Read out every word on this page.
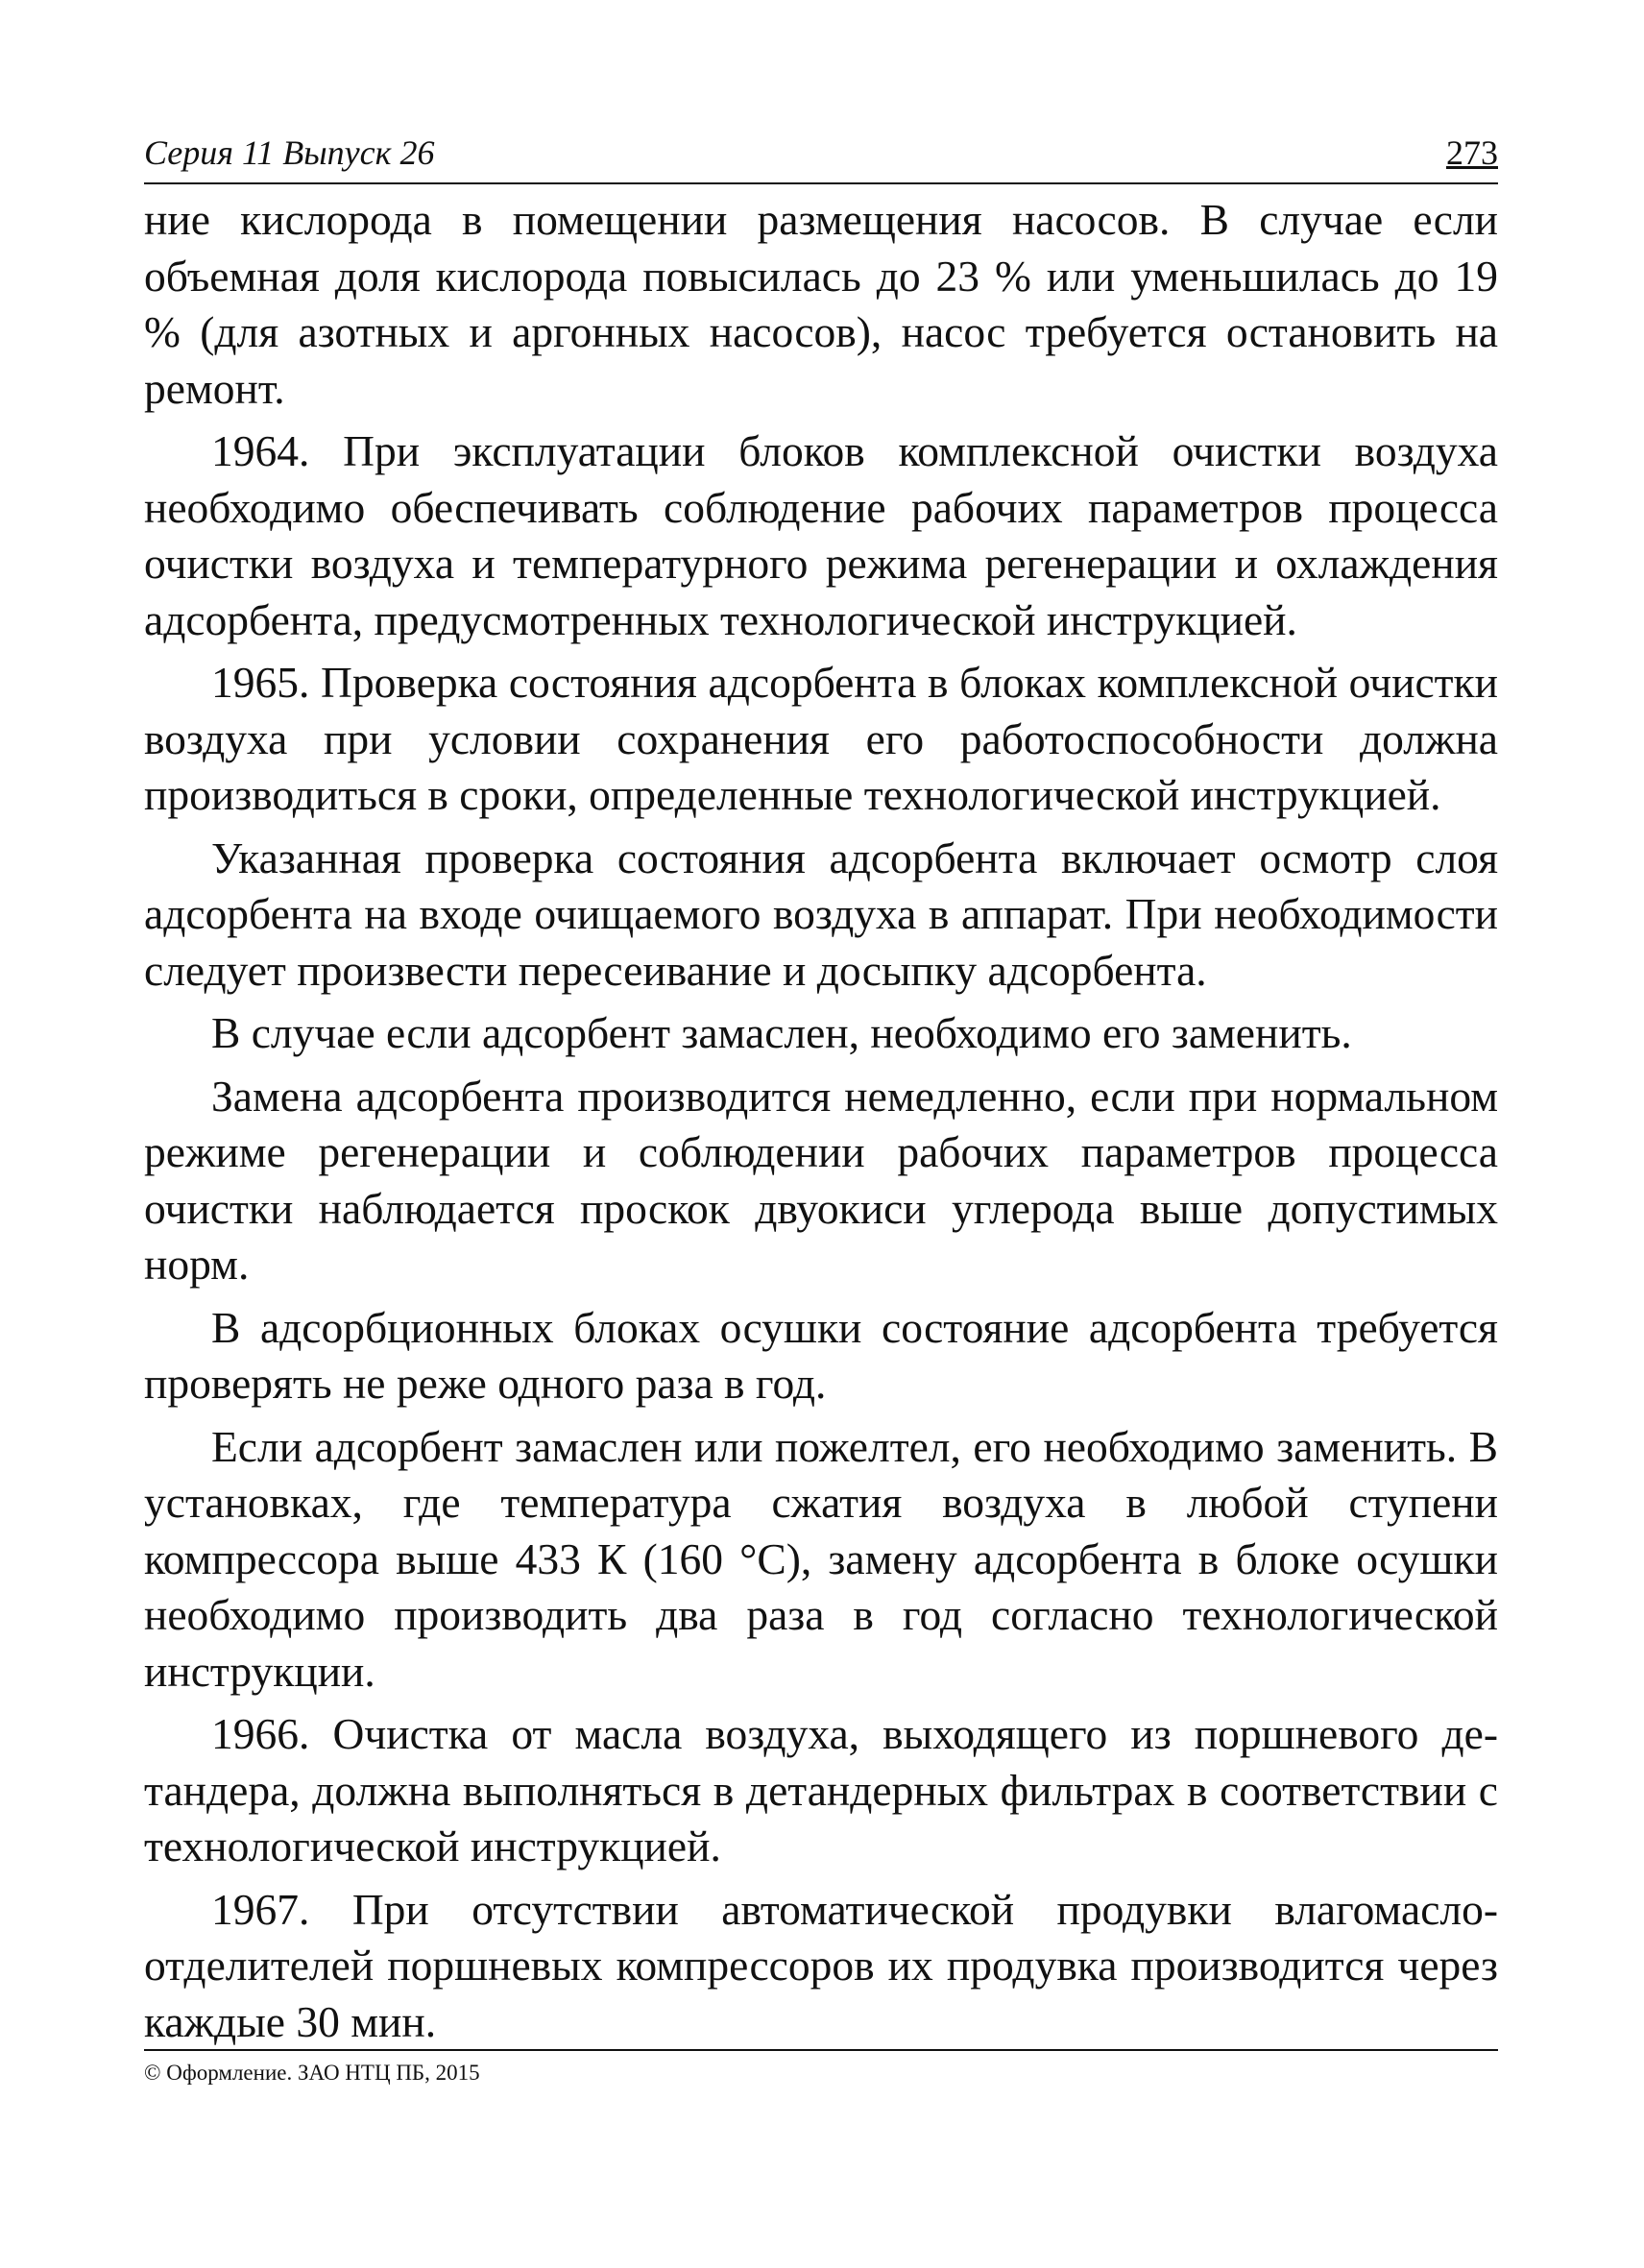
Серия 11 Выпуск 26	273

ние кислорода в помещении размещения насосов. В случае если объемная доля кислорода повысилась до 23 % или уменьшилась до 19 % (для азотных и аргонных насосов), насос требуется остановить на ремонт.

1964. При эксплуатации блоков комплексной очистки воздуха необходимо обеспечивать соблюдение рабочих параметров процесса очистки воздуха и температурного режима регенерации и охлаждения адсорбента, предусмотренных технологической инструкцией.

1965. Проверка состояния адсорбента в блоках комплексной очистки воздуха при условии сохранения его работоспособности должна производиться в сроки, определенные технологической инструкцией.

Указанная проверка состояния адсорбента включает осмотр слоя адсорбента на входе очищаемого воздуха в аппарат. При необходимости следует произвести пересеивание и досыпку адсорбента.

В случае если адсорбент замаслен, необходимо его заменить.

Замена адсорбента производится немедленно, если при нормальном режиме регенерации и соблюдении рабочих параметров процесса очистки наблюдается проскок двуокиси углерода выше допустимых норм.

В адсорбционных блоках осушки состояние адсорбента требуется проверять не реже одного раза в год.

Если адсорбент замаслен или пожелтел, его необходимо заменить. В установках, где температура сжатия воздуха в любой ступени компрессора выше 433 К (160 °С), замену адсорбента в блоке осушки необходимо производить два раза в год согласно технологической инструкции.

1966. Очистка от масла воздуха, выходящего из поршневого детандера, должна выполняться в детандерных фильтрах в соответствии с технологической инструкцией.

1967. При отсутствии автоматической продувки влагомаслоотделителей поршневых компрессоров их продувка производится через каждые 30 мин.

© Оформление. ЗАО НТЦ ПБ, 2015
